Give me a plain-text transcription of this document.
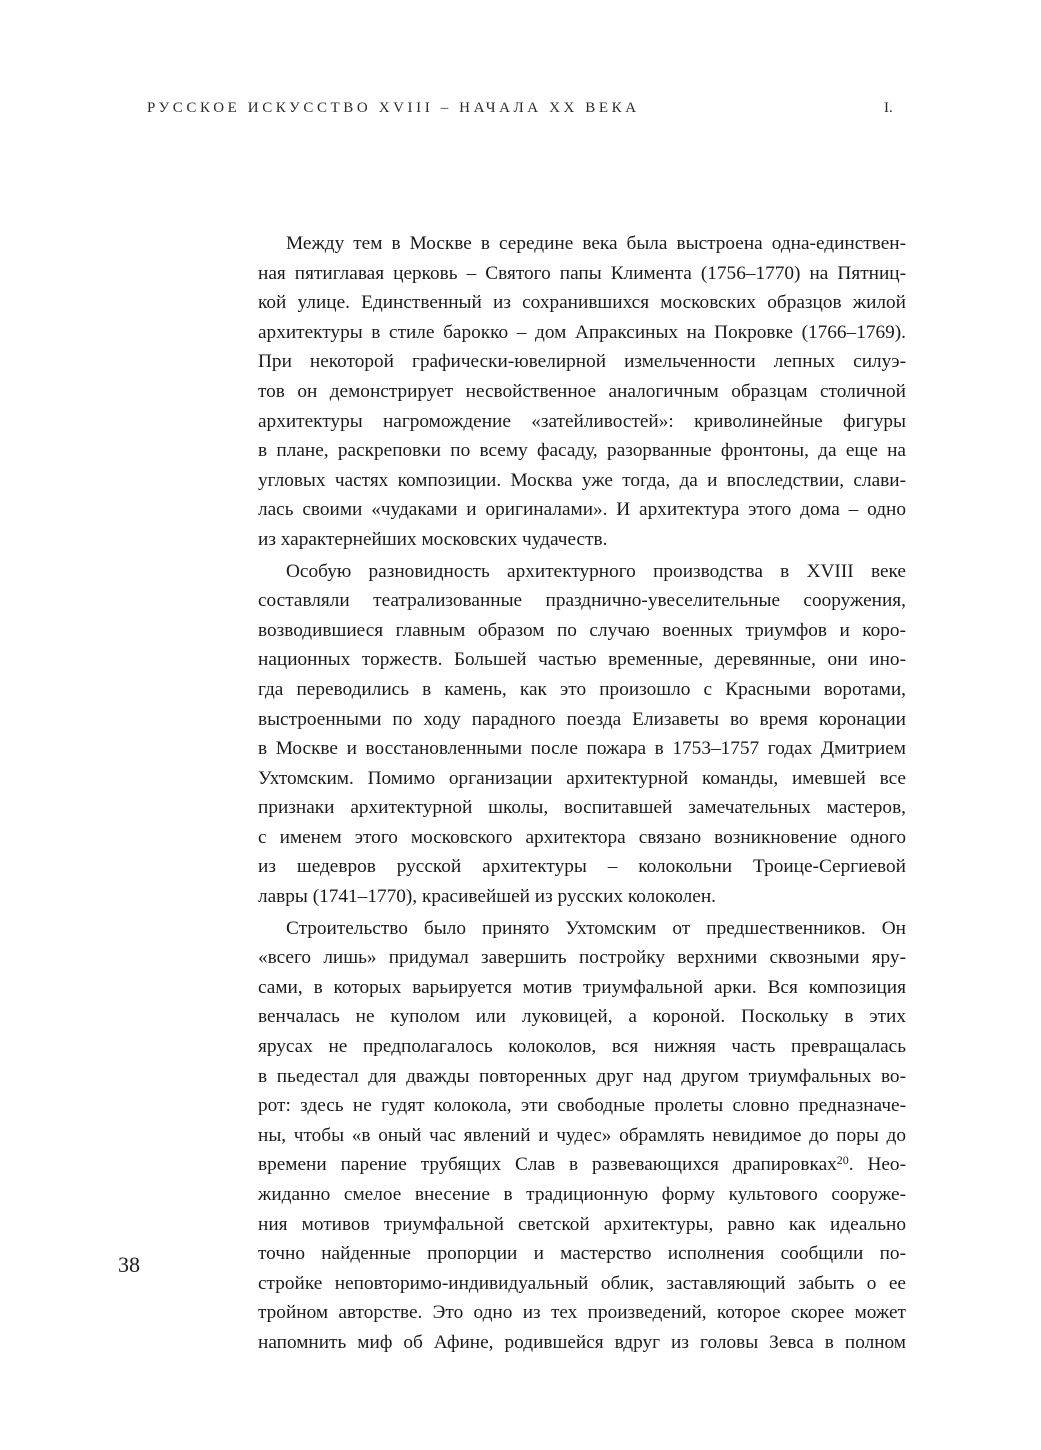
РУССКОЕ ИСКУССТВО XVIII – НАЧАЛА XX ВЕКА	I.
Между тем в Москве в середине века была выстроена одна-единствен-
ная пятиглавая церковь – Святого папы Климента (1756–1770) на Пятниц-
кой улице. Единственный из сохранившихся московских образцов жилой
архитектуры в стиле барокко – дом Апраксиных на Покровке (1766–1769).
При некоторой графически-ювелирной измельченности лепных силуэ-
тов он демонстрирует несвойственное аналогичным образцам столичной
архитектуры нагромождение «затейливостей»: криволинейные фигуры
в плане, раскреповки по всему фасаду, разорванные фронтоны, да еще на
угловых частях композиции. Москва уже тогда, да и впоследствии, слави-
лась своими «чудаками и оригиналами». И архитектура этого дома – одно
из характернейших московских чудачеств.
Особую разновидность архитектурного производства в XVIII веке
составляли театрализованные празднично-увеселительные сооружения,
возводившиеся главным образом по случаю военных триумфов и коро-
национных торжеств. Большей частью временные, деревянные, они ино-
гда переводились в камень, как это произошло с Красными воротами,
выстроенными по ходу парадного поезда Елизаветы во время коронации
в Москве и восстановленными после пожара в 1753–1757 годах Дмитрием
Ухтомским. Помимо организации архитектурной команды, имевшей все
признаки архитектурной школы, воспитавшей замечательных мастеров,
с именем этого московского архитектора связано возникновение одного
из шедевров русской архитектуры – колокольни Троице-Сергиевой
лавры (1741–1770), красивейшей из русских колоколен.
Строительство было принято Ухтомским от предшественников. Он
«всего лишь» придумал завершить постройку верхними сквозными яру-
сами, в которых варьируется мотив триумфальной арки. Вся композиция
венчалась не куполом или луковицей, а короной. Поскольку в этих
ярусах не предполагалось колоколов, вся нижняя часть превращалась
в пьедестал для дважды повторенных друг над другом триумфальных во-
рот: здесь не гудят колокола, эти свободные пролеты словно предназначе-
ны, чтобы «в оный час явлений и чудес» обрамлять невидимое до поры до
времени парение трубящих Слав в развевающихся драпировках$^{20}$. Нео-
жиданно смелое внесение в традиционную форму культового сооруже-
ния мотивов триумфальной светской архитектуры, равно как идеально
точно найденные пропорции и мастерство исполнения сообщили по-
стройке неповторимо-индивидуальный облик, заставляющий забыть о ее
тройном авторстве. Это одно из тех произведений, которое скорее может
напомнить миф об Афине, родившейся вдруг из головы Зевса в полном
38
